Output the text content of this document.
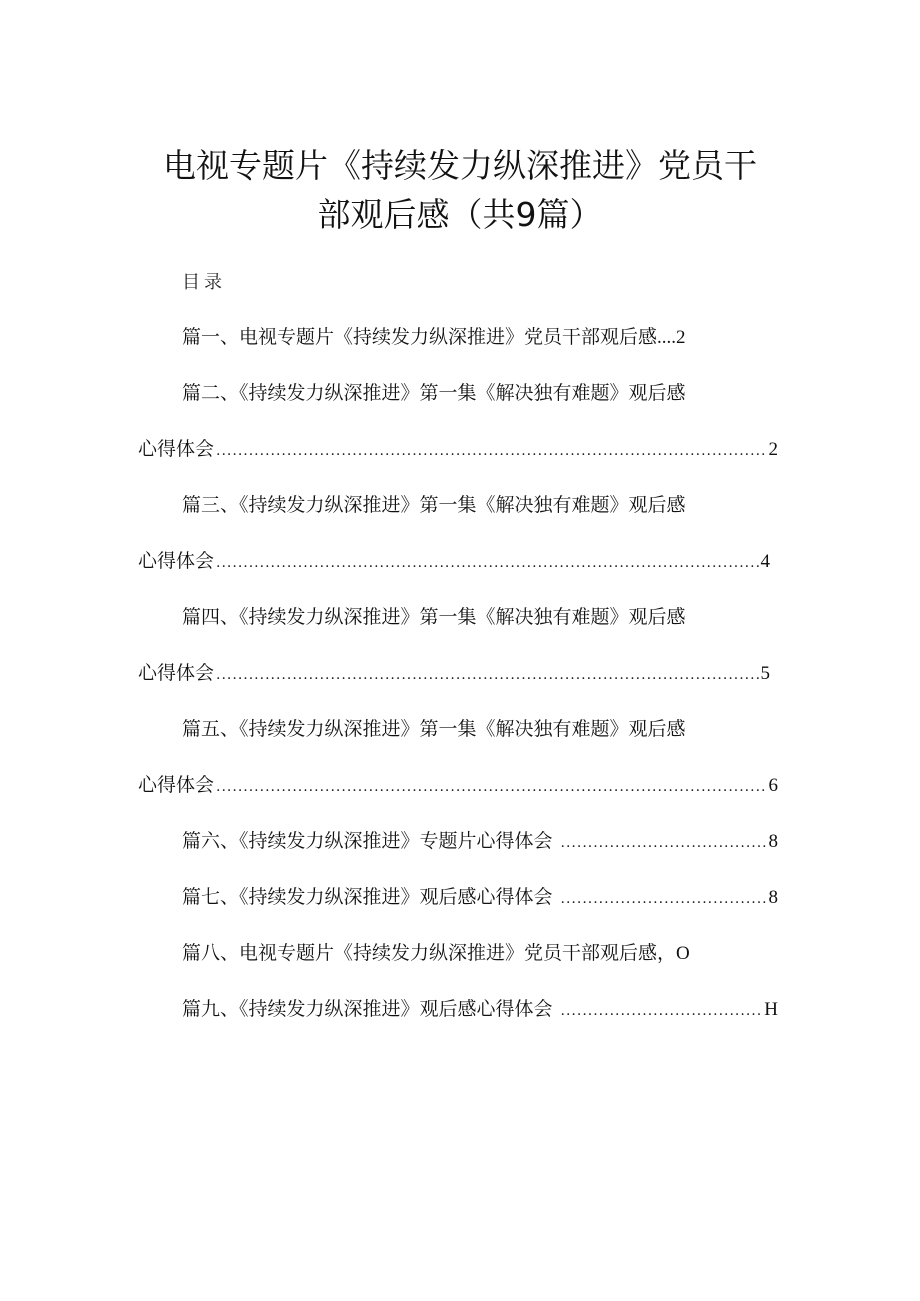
电视专题片《持续发力纵深推进》党员干
部观后感（共9篇）
目录
篇一、电视专题片《持续发力纵深推进》党员干部观后感 .... 2
篇二、《持续发力纵深推进》第一集《解决独有难题》观后感
心得体会 .....	2
篇三、《持续发力纵深推进》第一集《解决独有难题》观后感
心得体会 .....	4
篇四、《持续发力纵深推进》第一集《解决独有难题》观后感
心得体会 .....	5
篇五、《持续发力纵深推进》第一集《解决独有难题》观后感
心得体会 .....	6
篇六、《持续发力纵深推进》专题片心得体会 .....	8
篇七、《持续发力纵深推进》观后感心得体会 .....	8
篇八、电视专题片《持续发力纵深推进》党员干部观后感 ， O
篇九、《持续发力纵深推进》观后感心得体会 .....	H
